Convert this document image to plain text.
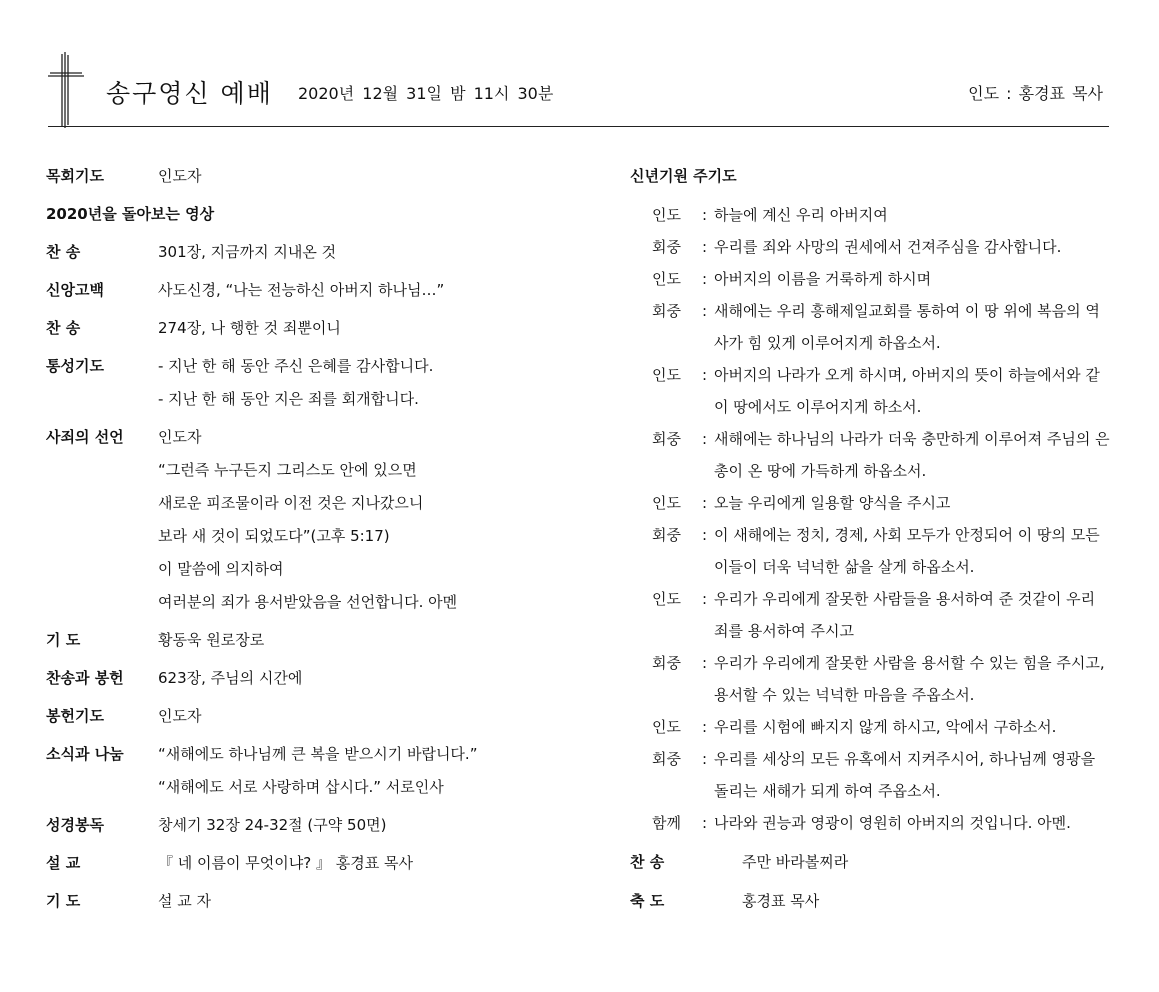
송구영신 예배 2020년 12월 31일 밤 11시 30분	인도 : 홍경표 목사
목회기도	인도자
2020년을 돌아보는 영상
찬 송	301장, 지금까지 지내온 것
신앙고백	사도신경, “나는 전능하신 아버지 하나님…”
찬 송	274장, 나 행한 것 죄뿐이니
통성기도	- 지난 한 해 동안 주신 은혜를 감사합니다.
- 지난 한 해 동안 지은 죄를 회개합니다.
사죄의 선언	인도자
“그런즉 누구든지 그리스도 안에 있으면
새로운 피조물이라 이전 것은 지나갔으니
보라 새 것이 되었도다”(고후 5:17)
이 말씀에 의지하여
여러분의 죄가 용서받았음을 선언합니다. 아멘
기 도	황동욱 원로장로
찬송과 봉헌	623장, 주님의 시간에
봉헌기도	인도자
소식과 나눔	“새해에도 하나님께 큰 복을 받으시기 바랍니다.”
“새해에도 서로 사랑하며 삽시다.” 서로인사
성경봉독	창세기 32장 24-32절 (구약 50면)
설 교	『 네 이름이 무엇이냐? 』 홍경표 목사
기 도	설 교 자
신년기원 주기도
인도	: 하늘에 계신 우리 아버지여
회중	: 우리를 죄와 사망의 권세에서 건져주심을 감사합니다.
인도	: 아버지의 이름을 거룩하게 하시며
회중	: 새해에는 우리 흥해제일교회를 통하여 이 땅 위에 복음의 역사가 힘 있게 이루어지게 하옵소서.
인도	: 아버지의 나라가 오게 하시며, 아버지의 뜻이 하늘에서와 같이 땅에서도 이루어지게 하소서.
회중	: 새해에는 하나님의 나라가 더욱 충만하게 이루어져 주님의 은총이 온 땅에 가득하게 하옵소서.
인도	: 오늘 우리에게 일용할 양식을 주시고
회중	: 이 새해에는 정치, 경제, 사회 모두가 안정되어 이 땅의 모든 이들이 더욱 넉넉한 삶을 살게 하옵소서.
인도	: 우리가 우리에게 잘못한 사람들을 용서하여 준 것같이 우리 죄를 용서하여 주시고
회중	: 우리가 우리에게 잘못한 사람을 용서할 수 있는 힘을 주시고, 용서할 수 있는 넉넉한 마음을 주옵소서.
인도	: 우리를 시험에 빠지지 않게 하시고, 악에서 구하소서.
회중	: 우리를 세상의 모든 유혹에서 지켜주시어, 하나님께 영광을 돌리는 새해가 되게 하여 주옵소서.
함께	: 나라와 권능과 영광이 영원히 아버지의 것입니다. 아멘.
찬 송	주만 바라볼찌라
축 도	홍경표 목사
